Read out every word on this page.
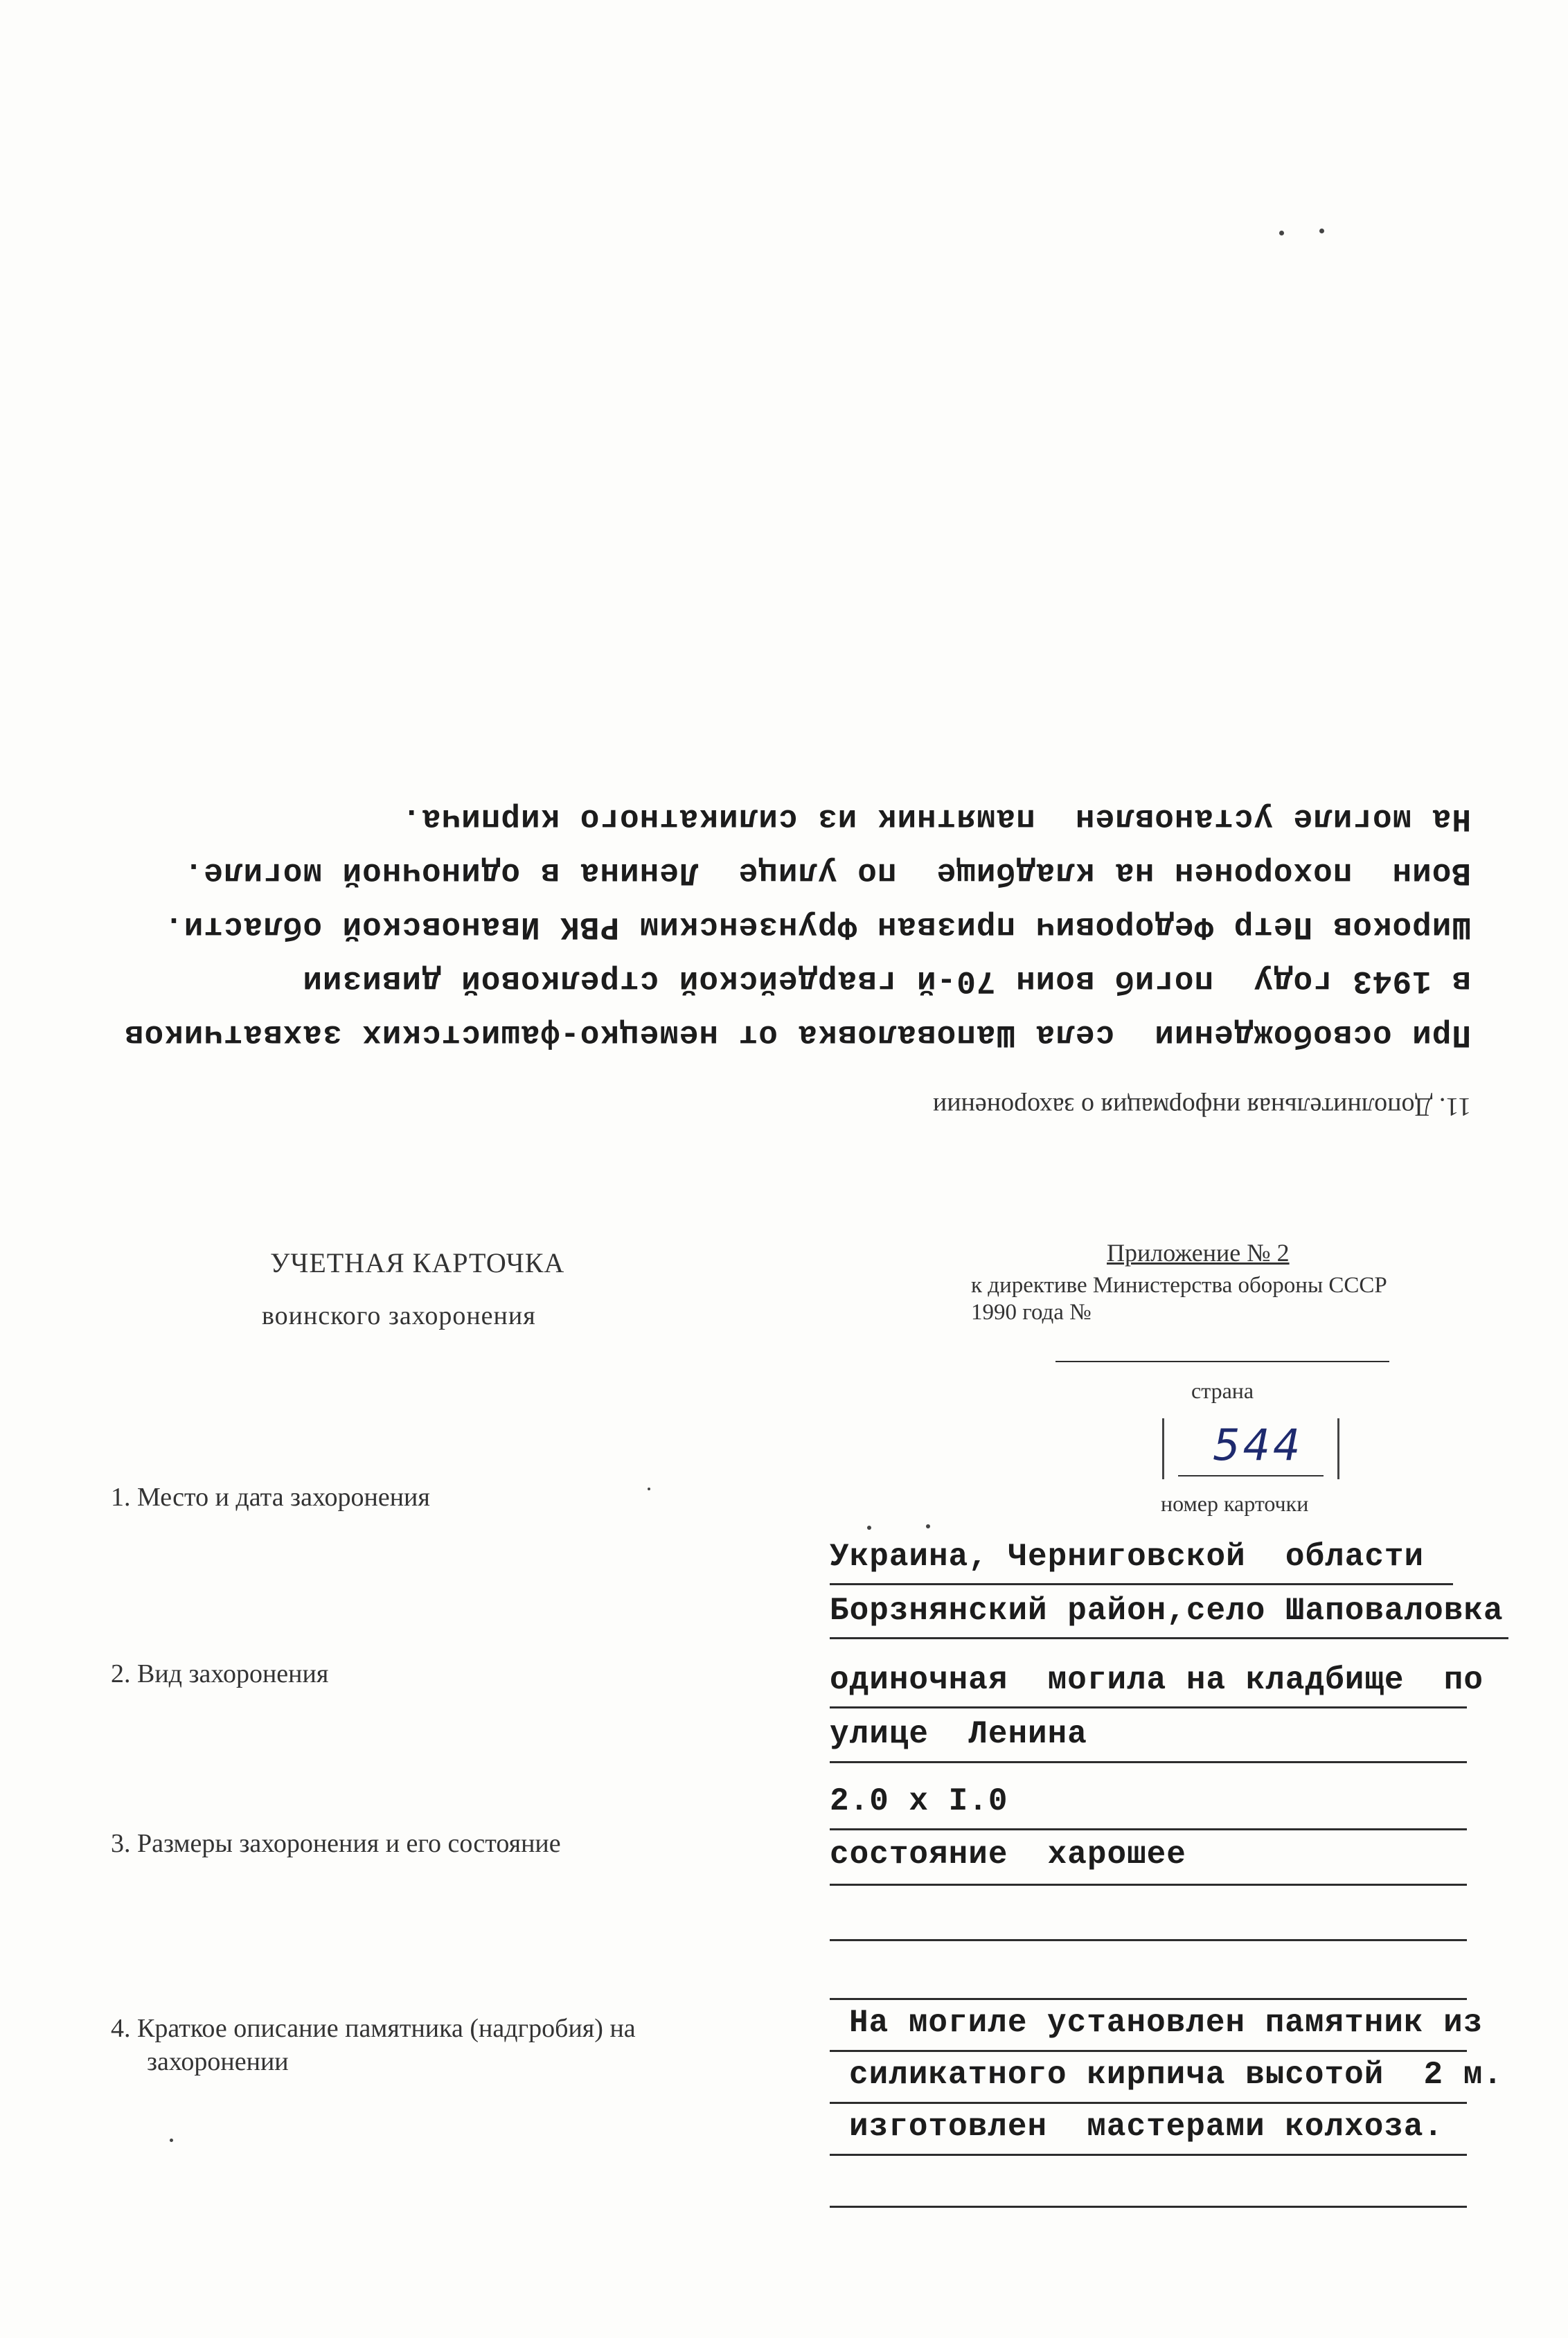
11. Дополнительная информация о захоронении
При освобождении  села Шаповаловка от немецко-фашистских захватчиков
в 1943 году  погиб воин 70-й гвардейской стрелковой дивизии
Широков Петр Федорович призван Фрунзенским РВК Ивановской области.
Воин  похоронен на кладбище  по улице  Ленина в одиночной могиле.
На могиле установлен  памятник из силикатного кирпича.
УЧЕТНАЯ КАРТОЧКА
воинского захоронения
Приложение № 2
к директиве Министерства обороны СССР
1990 года №
страна
544
номер карточки
1. Место и дата захоронения
Украина, Черниговской  области
Борзнянский район,село Шаповаловка
2. Вид захоронения	одиночная  могила на кладбище  по
улице  Ленина
2.0 x I.0
3. Размеры захоронения и его состояние	состояние  харошее
4. Краткое описание памятника (надгробия) на
захоронении
На могиле установлен памятник из
силикатного кирпича высотой  2 м.
изготовлен  мастерами колхоза.
